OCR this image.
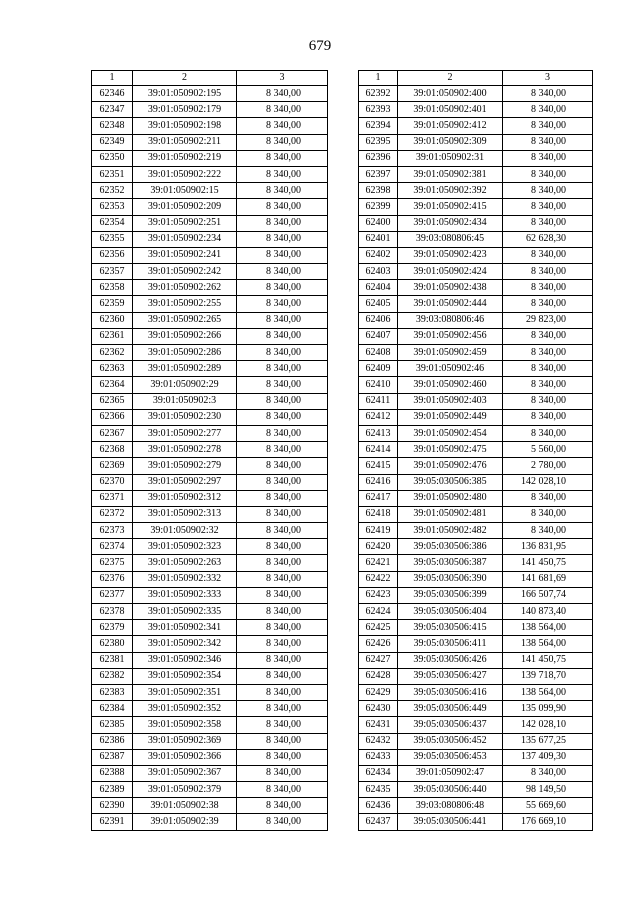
679
1	2	3
62346	39:01:050902:195	8 340,00
62347	39:01:050902:179	8 340,00
62348	39:01:050902:198	8 340,00
62349	39:01:050902:211	8 340,00
62350	39:01:050902:219	8 340,00
62351	39:01:050902:222	8 340,00
62352	39:01:050902:15	8 340,00
62353	39:01:050902:209	8 340,00
62354	39:01:050902:251	8 340,00
62355	39:01:050902:234	8 340,00
62356	39:01:050902:241	8 340,00
62357	39:01:050902:242	8 340,00
62358	39:01:050902:262	8 340,00
62359	39:01:050902:255	8 340,00
62360	39:01:050902:265	8 340,00
62361	39:01:050902:266	8 340,00
62362	39:01:050902:286	8 340,00
62363	39:01:050902:289	8 340,00
62364	39:01:050902:29	8 340,00
62365	39:01:050902:3	8 340,00
62366	39:01:050902:230	8 340,00
62367	39:01:050902:277	8 340,00
62368	39:01:050902:278	8 340,00
62369	39:01:050902:279	8 340,00
62370	39:01:050902:297	8 340,00
62371	39:01:050902:312	8 340,00
62372	39:01:050902:313	8 340,00
62373	39:01:050902:32	8 340,00
62374	39:01:050902:323	8 340,00
62375	39:01:050902:263	8 340,00
62376	39:01:050902:332	8 340,00
62377	39:01:050902:333	8 340,00
62378	39:01:050902:335	8 340,00
62379	39:01:050902:341	8 340,00
62380	39:01:050902:342	8 340,00
62381	39:01:050902:346	8 340,00
62382	39:01:050902:354	8 340,00
62383	39:01:050902:351	8 340,00
62384	39:01:050902:352	8 340,00
62385	39:01:050902:358	8 340,00
62386	39:01:050902:369	8 340,00
62387	39:01:050902:366	8 340,00
62388	39:01:050902:367	8 340,00
62389	39:01:050902:379	8 340,00
62390	39:01:050902:38	8 340,00
62391	39:01:050902:39	8 340,00
1	2	3
62392	39:01:050902:400	8 340,00
62393	39:01:050902:401	8 340,00
62394	39:01:050902:412	8 340,00
62395	39:01:050902:309	8 340,00
62396	39:01:050902:31	8 340,00
62397	39:01:050902:381	8 340,00
62398	39:01:050902:392	8 340,00
62399	39:01:050902:415	8 340,00
62400	39:01:050902:434	8 340,00
62401	39:03:080806:45	62 628,30
62402	39:01:050902:423	8 340,00
62403	39:01:050902:424	8 340,00
62404	39:01:050902:438	8 340,00
62405	39:01:050902:444	8 340,00
62406	39:03:080806:46	29 823,00
62407	39:01:050902:456	8 340,00
62408	39:01:050902:459	8 340,00
62409	39:01:050902:46	8 340,00
62410	39:01:050902:460	8 340,00
62411	39:01:050902:403	8 340,00
62412	39:01:050902:449	8 340,00
62413	39:01:050902:454	8 340,00
62414	39:01:050902:475	5 560,00
62415	39:01:050902:476	2 780,00
62416	39:05:030506:385	142 028,10
62417	39:01:050902:480	8 340,00
62418	39:01:050902:481	8 340,00
62419	39:01:050902:482	8 340,00
62420	39:05:030506:386	136 831,95
62421	39:05:030506:387	141 450,75
62422	39:05:030506:390	141 681,69
62423	39:05:030506:399	166 507,74
62424	39:05:030506:404	140 873,40
62425	39:05:030506:415	138 564,00
62426	39:05:030506:411	138 564,00
62427	39:05:030506:426	141 450,75
62428	39:05:030506:427	139 718,70
62429	39:05:030506:416	138 564,00
62430	39:05:030506:449	135 099,90
62431	39:05:030506:437	142 028,10
62432	39:05:030506:452	135 677,25
62433	39:05:030506:453	137 409,30
62434	39:01:050902:47	8 340,00
62435	39:05:030506:440	98 149,50
62436	39:03:080806:48	55 669,60
62437	39:05:030506:441	176 669,10
